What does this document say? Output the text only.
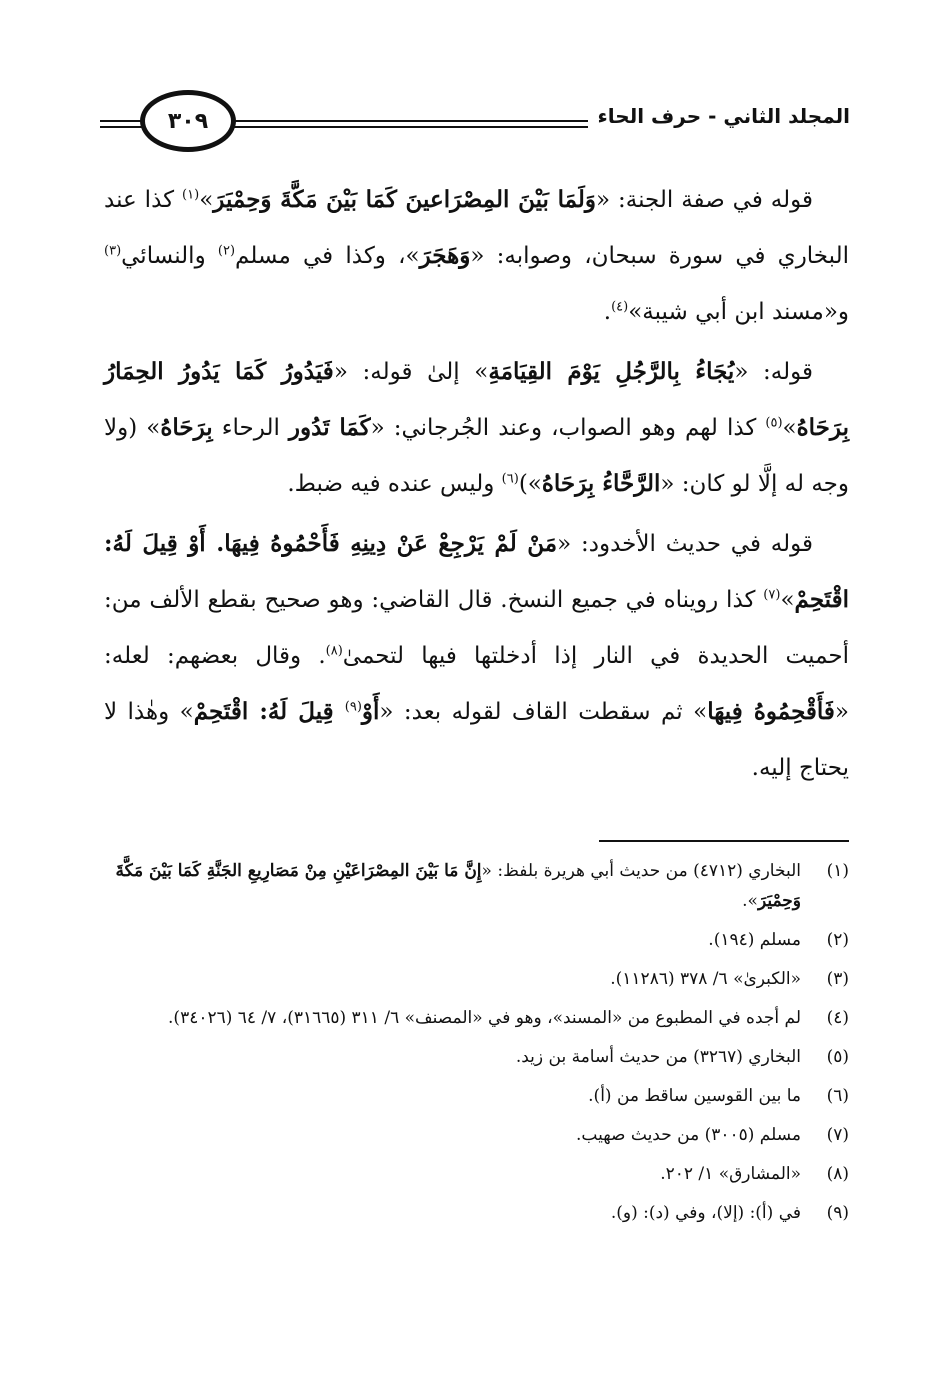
المجلد الثاني - حرف الحاء
٣٠٩

قوله في صفة الجنة: «وَلَمَا بَيْنَ المِصْرَاعينَ كَمَا بَيْنَ مَكَّةَ وَحِمْيَرَ»$^{(١)}$ كذا عند البخاري في سورة سبحان، وصوابه: «وَهَجَرَ»، وكذا في مسلم$^{(٢)}$ والنسائي$^{(٣)}$ و«مسند ابن أبي شيبة»$^{(٤)}$.

قوله: «يُجَاءُ بِالرَّجُلِ يَوْمَ القِيَامَةِ» إلىٰ قوله: «فَيَدُورُ كَمَا يَدُورُ الحِمَارُ بِرَحَاهُ»$^{(٥)}$ كذا لهم وهو الصواب، وعند الجُرجاني: «كَمَا تَدُور الرحاء بِرَحَاهُ» (ولا وجه له إلَّا لو كان: «الرَّحَّاءُ بِرَحَاهُ»)$^{(٦)}$ وليس عنده فيه ضبط.

قوله في حديث الأخدود: «مَنْ لَمْ يَرْجِعْ عَنْ دِينِهِ فَأَحْمُوهُ فِيهَا. أَوْ قِيلَ لَهُ: اقْتَحِمْ»$^{(٧)}$ كذا رويناه في جميع النسخ. قال القاضي: وهو صحيح بقطع الألف من: أحميت الحديدة في النار إذا أدخلتها فيها لتحمىٰ$^{(٨)}$. وقال بعضهم: لعله: «فَأَقْحِمُوهُ فِيهَا» ثم سقطت القاف لقوله بعد: «أَوْ$^{(٩)}$ قِيلَ لَهُ: اقْتَحِمْ» وهٰذا لا يحتاج إليه.

(١)
البخاري (٤٧١٢) من حديث أبي هريرة بلفظ: «إِنَّ مَا بَيْنَ المِصْرَاعَيْنِ مِنْ مَصَارِيعِ الجَنَّةِ كَمَا بَيْنَ مَكَّةَ وَحِمْيَرَ».
(٢)
مسلم (١٩٤).
(٣)
«الكبرىٰ» ٦/ ٣٧٨ (١١٢٨٦).
(٤)
لم أجده في المطبوع من «المسند»، وهو في «المصنف» ٦/ ٣١١ (٣١٦٦٥)، ٧/ ٦٤ (٣٤٠٢٦).
(٥)
البخاري (٣٢٦٧) من حديث أسامة بن زيد.
(٦)
ما بين القوسين ساقط من (أ).
(٧)
مسلم (٣٠٠٥) من حديث صهيب.
(٨)
«المشارق» ١/ ٢٠٢.
(٩)
في (أ): (إلا)، وفي (د): (و).
